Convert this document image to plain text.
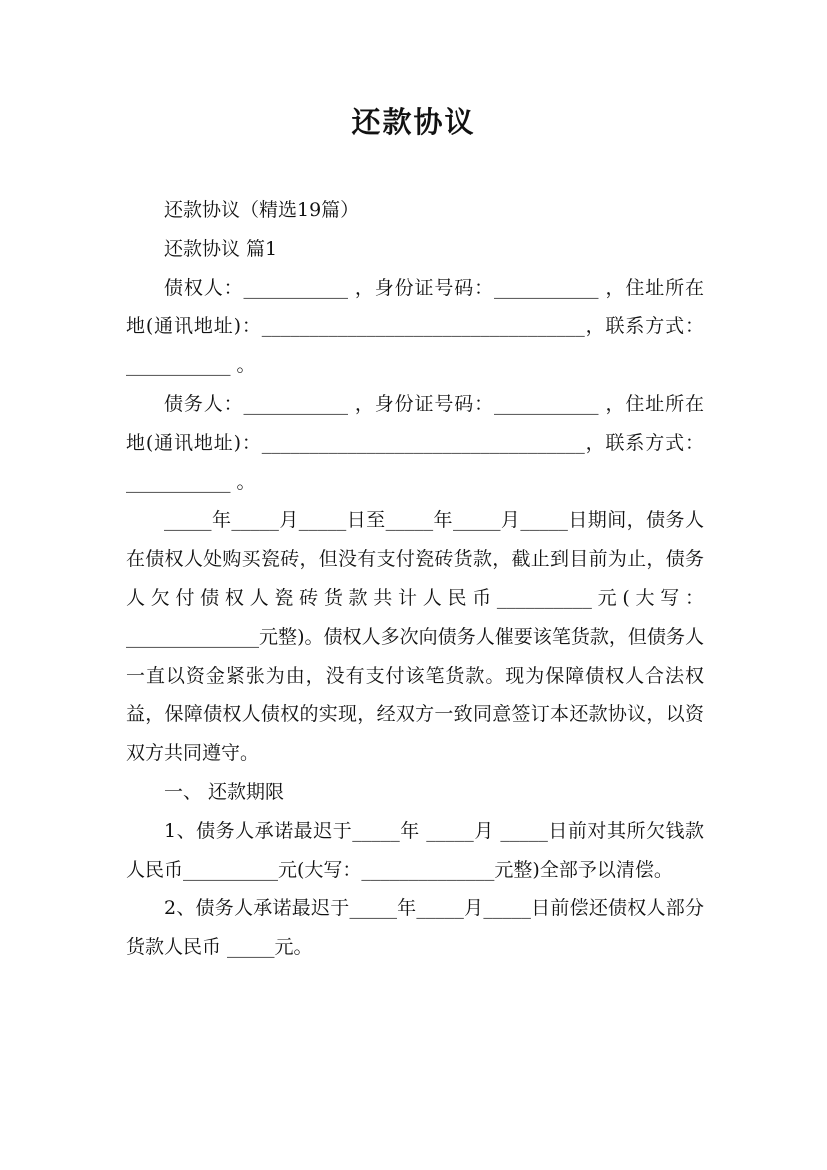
还款协议

还款协议（精选19篇）

还款协议 篇1

债权人：___________ ，身份证号码：___________ ，住址所在地(通讯地址)：__________________________________，联系方式：___________ 。

债务人：___________ ，身份证号码：___________ ，住址所在地(通讯地址)：__________________________________，联系方式：___________ 。

_____年_____月_____日至_____年_____月_____日期间，债务人在债权人处购买瓷砖，但没有支付瓷砖货款，截止到目前为止，债务人欠付债权人瓷砖货款共计人民币__________元(大写：______________元整)。债权人多次向债务人催要该笔货款，但债务人一直以资金紧张为由，没有支付该笔货款。现为保障债权人合法权益，保障债权人债权的实现，经双方一致同意签订本还款协议，以资双方共同遵守。

一、 还款期限

1、债务人承诺最迟于_____年 _____月 _____日前对其所欠钱款人民币__________元(大写：______________元整)全部予以清偿。

2、债务人承诺最迟于_____年_____月_____日前偿还债权人部分货款人民币 _____元。
